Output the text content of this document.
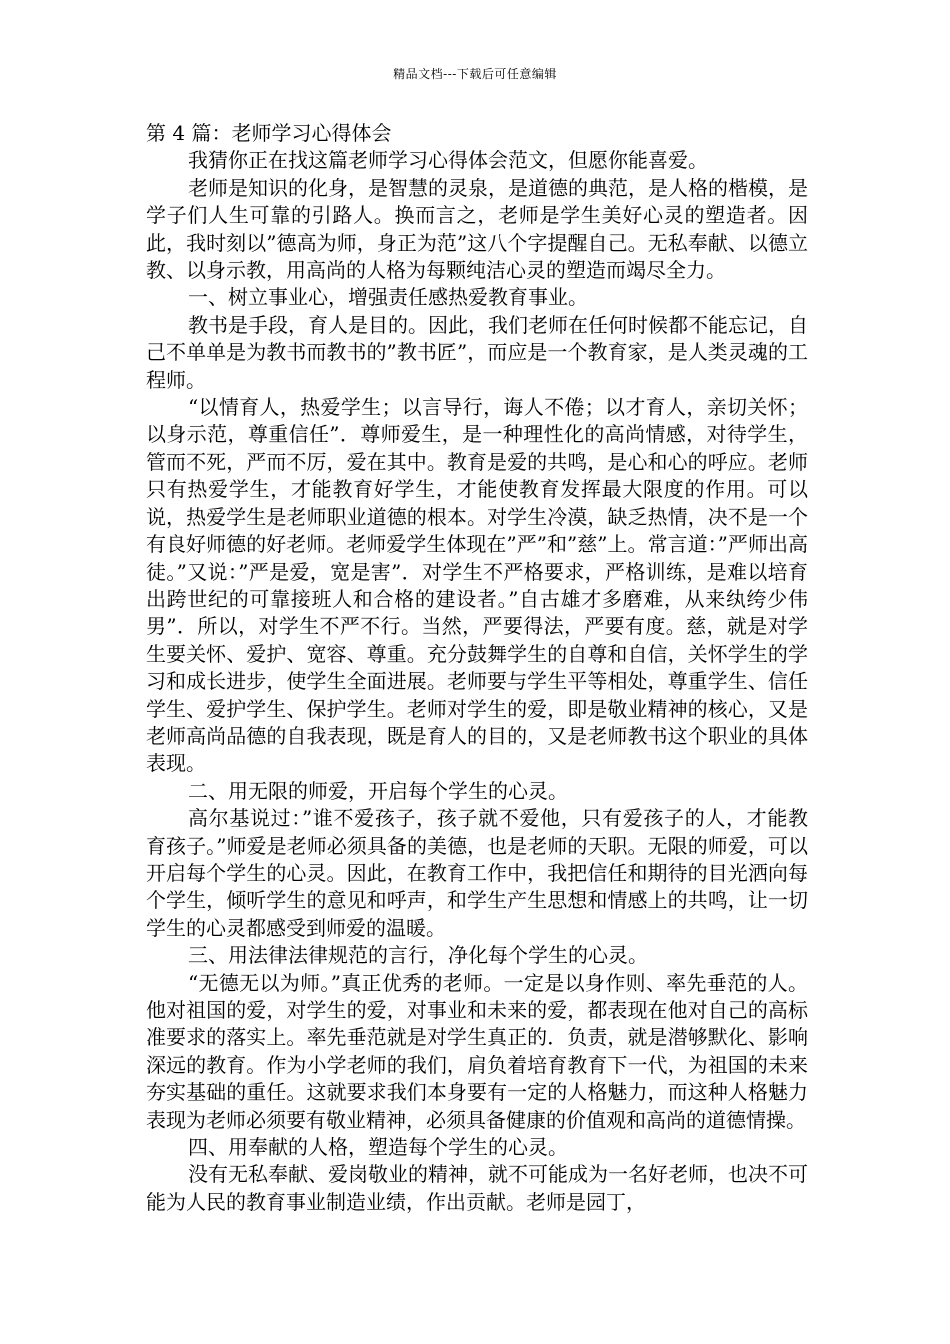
精品文档---下载后可任意编辑

第 4 篇：老师学习心得体会

我猜你正在找这篇老师学习心得体会范文，但愿你能喜爱。

老师是知识的化身，是智慧的灵泉，是道德的典范，是人格的楷模，是学子们人生可靠的引路人。换而言之，老师是学生美好心灵的塑造者。因此，我时刻以”德高为师，身正为范”这八个字提醒自己。无私奉献、以德立教、以身示教，用高尚的人格为每颗纯洁心灵的塑造而竭尽全力。

一、树立事业心，增强责任感热爱教育事业。

教书是手段，育人是目的。因此，我们老师在任何时候都不能忘记，自己不单单是为教书而教书的”教书匠”，而应是一个教育家，是人类灵魂的工程师。

“以情育人，热爱学生；以言导行，诲人不倦；以才育人，亲切关怀；以身示范，尊重信任”．尊师爱生，是一种理性化的高尚情感，对待学生，管而不死，严而不厉，爱在其中。教育是爱的共鸣，是心和心的呼应。老师只有热爱学生，才能教育好学生，才能使教育发挥最大限度的作用。可以说，热爱学生是老师职业道德的根本。对学生冷漠，缺乏热情，决不是一个有良好师德的好老师。老师爱学生体现在”严”和”慈”上。常言道：”严师出高徒。”又说：”严是爱，宽是害”．对学生不严格要求，严格训练，是难以培育出跨世纪的可靠接班人和合格的建设者。”自古雄才多磨难，从来纨绔少伟男”．所以，对学生不严不行。当然，严要得法，严要有度。慈，就是对学生要关怀、爱护、宽容、尊重。充分鼓舞学生的自尊和自信，关怀学生的学习和成长进步，使学生全面进展。老师要与学生平等相处，尊重学生、信任学生、爱护学生、保护学生。老师对学生的爱，即是敬业精神的核心，又是老师高尚品德的自我表现，既是育人的目的，又是老师教书这个职业的具体表现。

二、用无限的师爱，开启每个学生的心灵。

高尔基说过：”谁不爱孩子，孩子就不爱他，只有爱孩子的人，才能教育孩子。”师爱是老师必须具备的美德，也是老师的天职。无限的师爱，可以开启每个学生的心灵。因此，在教育工作中，我把信任和期待的目光洒向每个学生，倾听学生的意见和呼声，和学生产生思想和情感上的共鸣，让一切学生的心灵都感受到师爱的温暖。

三、用法律法律规范的言行，净化每个学生的心灵。

“无德无以为师。”真正优秀的老师。一定是以身作则、率先垂范的人。他对祖国的爱，对学生的爱，对事业和未来的爱，都表现在他对自己的高标准要求的落实上。率先垂范就是对学生真正的．负责，就是潜够默化、影响深远的教育。作为小学老师的我们，肩负着培育教育下一代，为祖国的未来夯实基础的重任。这就要求我们本身要有一定的人格魅力，而这种人格魅力表现为老师必须要有敬业精神，必须具备健康的价值观和高尚的道德情操。

四、用奉献的人格，塑造每个学生的心灵。

没有无私奉献、爱岗敬业的精神，就不可能成为一名好老师，也决不可能为人民的教育事业制造业绩，作出贡献。老师是园丁，
